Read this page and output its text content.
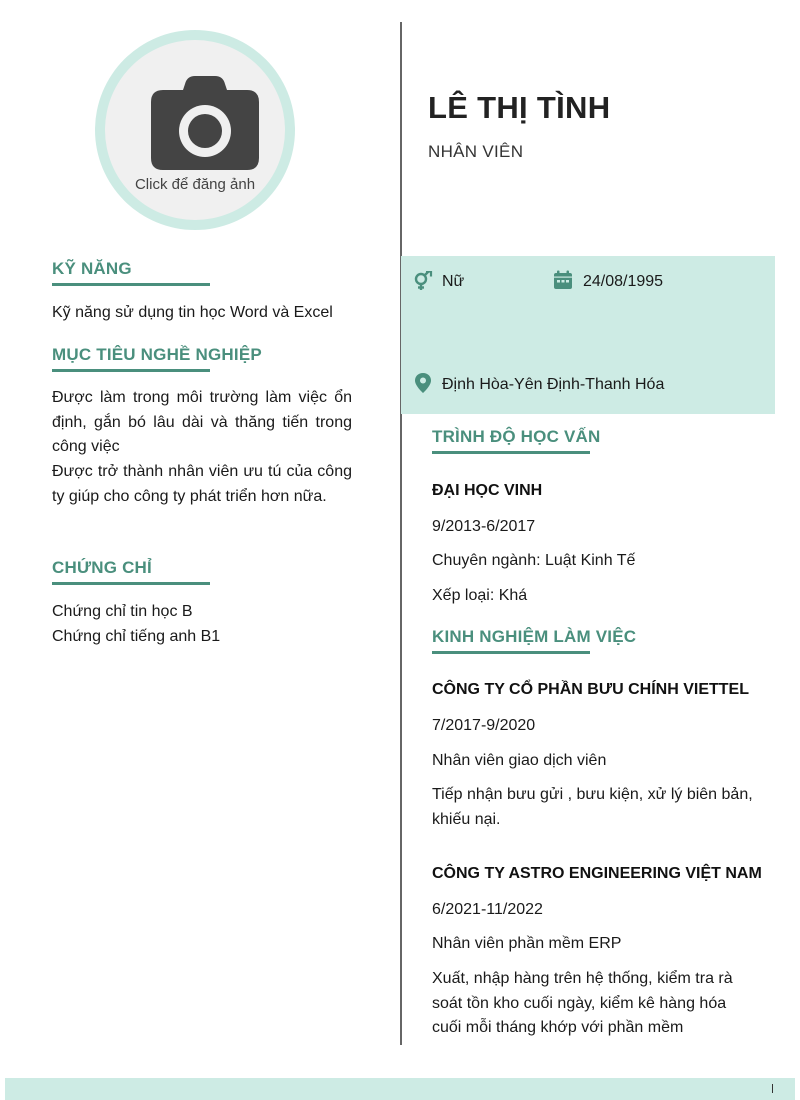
Click để đăng ảnh
KỸ NĂNG
Kỹ năng sử dụng tin học Word và Excel
MỤC TIÊU NGHỀ NGHIỆP
Được làm trong môi trường làm việc ổn định, gắn bó lâu dài và thăng tiến trong công việc
Được trở thành nhân viên ưu tú của công ty giúp cho công ty phát triển hơn nữa.
CHỨNG CHỈ
Chứng chỉ tin học B
Chứng chỉ tiếng anh B1
LÊ THỊ TÌNH
NHÂN VIÊN
Nữ	24/08/1995
Định Hòa-Yên Định-Thanh Hóa
TRÌNH ĐỘ HỌC VẤN
ĐẠI HỌC VINH
9/2013-6/2017
Chuyên ngành: Luật Kinh Tế
Xếp loại: Khá
KINH NGHIỆM LÀM VIỆC
CÔNG TY CỔ PHẦN BƯU CHÍNH VIETTEL
7/2017-9/2020
Nhân viên giao dịch viên
Tiếp nhận bưu gửi , bưu kiện, xử lý biên bản, khiếu nại.
CÔNG TY ASTRO ENGINEERING VIỆT NAM
6/2021-11/2022
Nhân viên phần mềm ERP
Xuất, nhập hàng trên hệ thống, kiểm tra rà soát tồn kho cuối ngày, kiểm kê hàng hóa cuối mỗi tháng khớp với phần mềm
